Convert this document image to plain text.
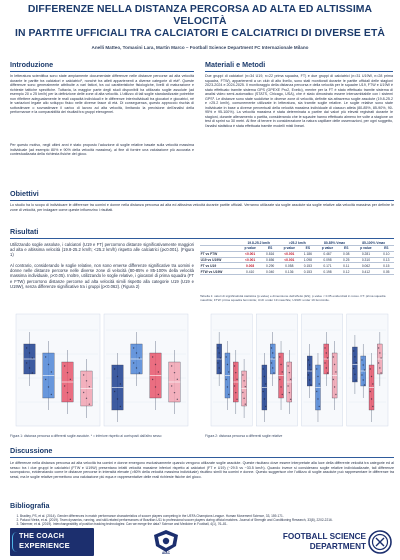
DIFFERENZE NELLA DISTANZA PERCORSA AD ALTA ED ALTISSIMA VELOCITÀ
IN PARTITE UFFICIALI TRA CALCIATORI E CALCIATRICI DI DIVERSE ETÀ
Anelli Matteo, Tomasini Lara, Martin Marco – Football Science Department FC Internazionale Milano
Introduzione
In letteratura scientifica sono state ampiamente documentate differenze nelle distanze percorse ad alta velocità durante le partite tra calciatori e calciatrici¹, nonché tra atleti appartenenti a diverse categorie di età². Queste differenze sono generalmente attribuite a vari fattori, tra cui caratteristiche fisiologiche, livelli di maturazione e richieste tattiche specifiche. Tuttavia, la maggior parte degli studi disponibili ha utilizzato soglie assolute (ad esempio 20 o 25 km/h) per la definizione delle zone di alta velocità. L'utilizzo di tali soglie standardizzate potrebbe non riflettere adeguatamente le reali capacità individuali e le differenze interindividuali tra giocatori e giocatrici, né le variazioni legate allo sviluppo fisico nelle diverse fasce di età. Di conseguenza, questo approccio rischia di sottostimare o sovrastimare il carico di lavoro ad alta velocità, limitando la precisione dell'analisi della performance e la comparabilità dei risultati tra gruppi eterogenei.
Per questo motivo, negli ultimi anni è stato proposto l'adozione di soglie relative basate sulla velocità massima individuale (ad esempio 80% e 90% della velocità massima), al fine di fornire una valutazione più accurata e contestualizzata della richiesta fisiche del gioco.
Materiali e Metodi
Due gruppi di calciatori (n=34 U19, n=22 prima squadra, FT) e due gruppi di calciatrici (n=31 U19W, n=28 prima squadra, FTW), appartenenti a un club di alto livello, sono stati monitorati durante le partite ufficiali delle stagioni 2023-2024 e 2024-2025. Il monitoraggio della distanza percorsa e della velocità per le squadre U19, FTW e U19W è stato effettuato tramite sistema GPS (GPEXE Pro2, Exelio), mentre per la FT è stato effettuato tramite sistema di analisi video semi-automatico (STATS, Chicago, USA), che è stato dimostrato essere intercambiabile con i sistemi GPS³. Le distanze sono state suddivise in diverse zone di velocità, definite sia attraverso soglie assolute (19.8-25.2 e >25.2 km/h), comunemente utilizzate in letteratura, sia tramite soglie relative. Le soglie relative sono state individuate in base a diverse percentuali della velocità massima individuale di ciascun atleta (80-85%, 85-90%, 90-95% e 95-100%). La velocità massima è stata determinata a partire dai valori più elevati registrati durante le stagioni, durante allenamento o partita, considerando che le squadre hanno effettuato almeno tre volte a stagione un test di sprint su 30 metri. Al fine di tenere in considerazione la natura capillare delle osservazioni, per ogni soggetto, l'analisi statistica è stata effettuata tramite modelli misti lineari.
Obiettivi
Lo studio ha lo scopo di individuare le differenze tra uomini e donne nella distanza percorsa ad alta ed altissima velocità durante partite ufficiali. Verranno utilizzate sia soglie assolute sia soglie relative alla velocità massima per definire le zone di velocità, per indagare come queste influenzino i risultati.
Risultati
Utilizzando soglie assolute, i calciatori (U19 e FT) percorrono distanze significativamente maggiori ad alta e altissima velocità (19.8-25.2 km/h; <25.2 km/h) rispetto alle calciatrici (p≤0.001). (Figura 1)
Al contrario, considerando le soglie relative, non sono emerse differenze significative tra uomini e donne nelle distanze percorse nelle diverse zone di velocità (80-85% e 85-100% della velocità massima individuale, p<0.05). Inoltre, utilizzando le soglie relative, i giocatori di prima squadra (FT e FTW) percorrono distanze percorse ad alta velocità simili rispetto alla categorie U19 (U19 e U19W), senza differenze significative tra i gruppi (p<0.062). (Figura 2)
	19.8-25.2 km/h		>25.2 km/h		80-85% Vmax		85-100% Vmax	
	p value	ES	p value	ES	p value	ES	p value	ES
FT vs FTW	<0.001	0.816	<0.001	1.186	0.467	0.08	0.281	0.10
U19 vs U19W	<0.001	0.656	<0.001	1.098	0.098	0.25	0.310	0.13
FT vs U19	0.003	0.290	0.058	0.153	0.171	0.11	0.062	0.15
FTW vs U19W	0.410	0.040	0.136	0.153	0.198	0.12	0.412	0.05
Tabella 1: valori di significatività statistica (p-value) e dimensione dell'effetto (ES); p-value < 0.05 evidenziati in rosso. FT: prima squadra maschile; FTW: prima squadra femminile; U19: under 19 maschile; U19W: under 19 femminile.
Figura 1: distanza percorsa a differenti soglie assolute. * = inferiore rispetto ai corrisposti dall'altro sesso	Figura 2: distanza percorsa a differenti soglie relative
Discussione
Le differenze nella distanza percorsa ad alta velocità tra uomini e donne emergono esclusivamente quando vengono utilizzate soglie assolute. Queste risultano dove essere interpretate alla luce della differente velocità tra categorie ed al sesso: tra i due gruppi le calciatrici (FTW e U19W) presentano infatti velocità massime inferiori rispetto ai calciatori (FT e U19) (~29.5 vs ~33.5 km/h). Quando invece si considerano soglie relative individualizzate, tali differenze scompaiono, evidenziando come le distanze percorse in intensità elevate (>80% della velocità massima individuale) risultino simili tra uomini e donne. Questo suggerisce che l'utilizzo di soglie assolute può rappresentare le differenze tra sessi, ma le soglie relative permettono una valutazione più equa e rappresentative delle reali richieste fisiche del gioco.
Bibliografia
1. Bradley, PS, et al. (2014). Gender differences in match performance characteristics of soccer players competing in the UEFA Champions League. Human Movement Science, 33, 159-171.
2. Palucci Vieira, et al. (2019). Team dynamics, running, and skill-related performances of Brazilian U11 to professional soccer players during official matches. Journal of Strength and Conditioning Research, 33(8), 2202-2216.
3. Taberner, et al. (2019). Interchangeability of position tracking technologies: Can we merge the data? Science and Medicine in Football, 4(1), 76–81.
THE COACH
EXPERIENCE
AIAC
FOOTBALL SCIENCE
DEPARTMENT
